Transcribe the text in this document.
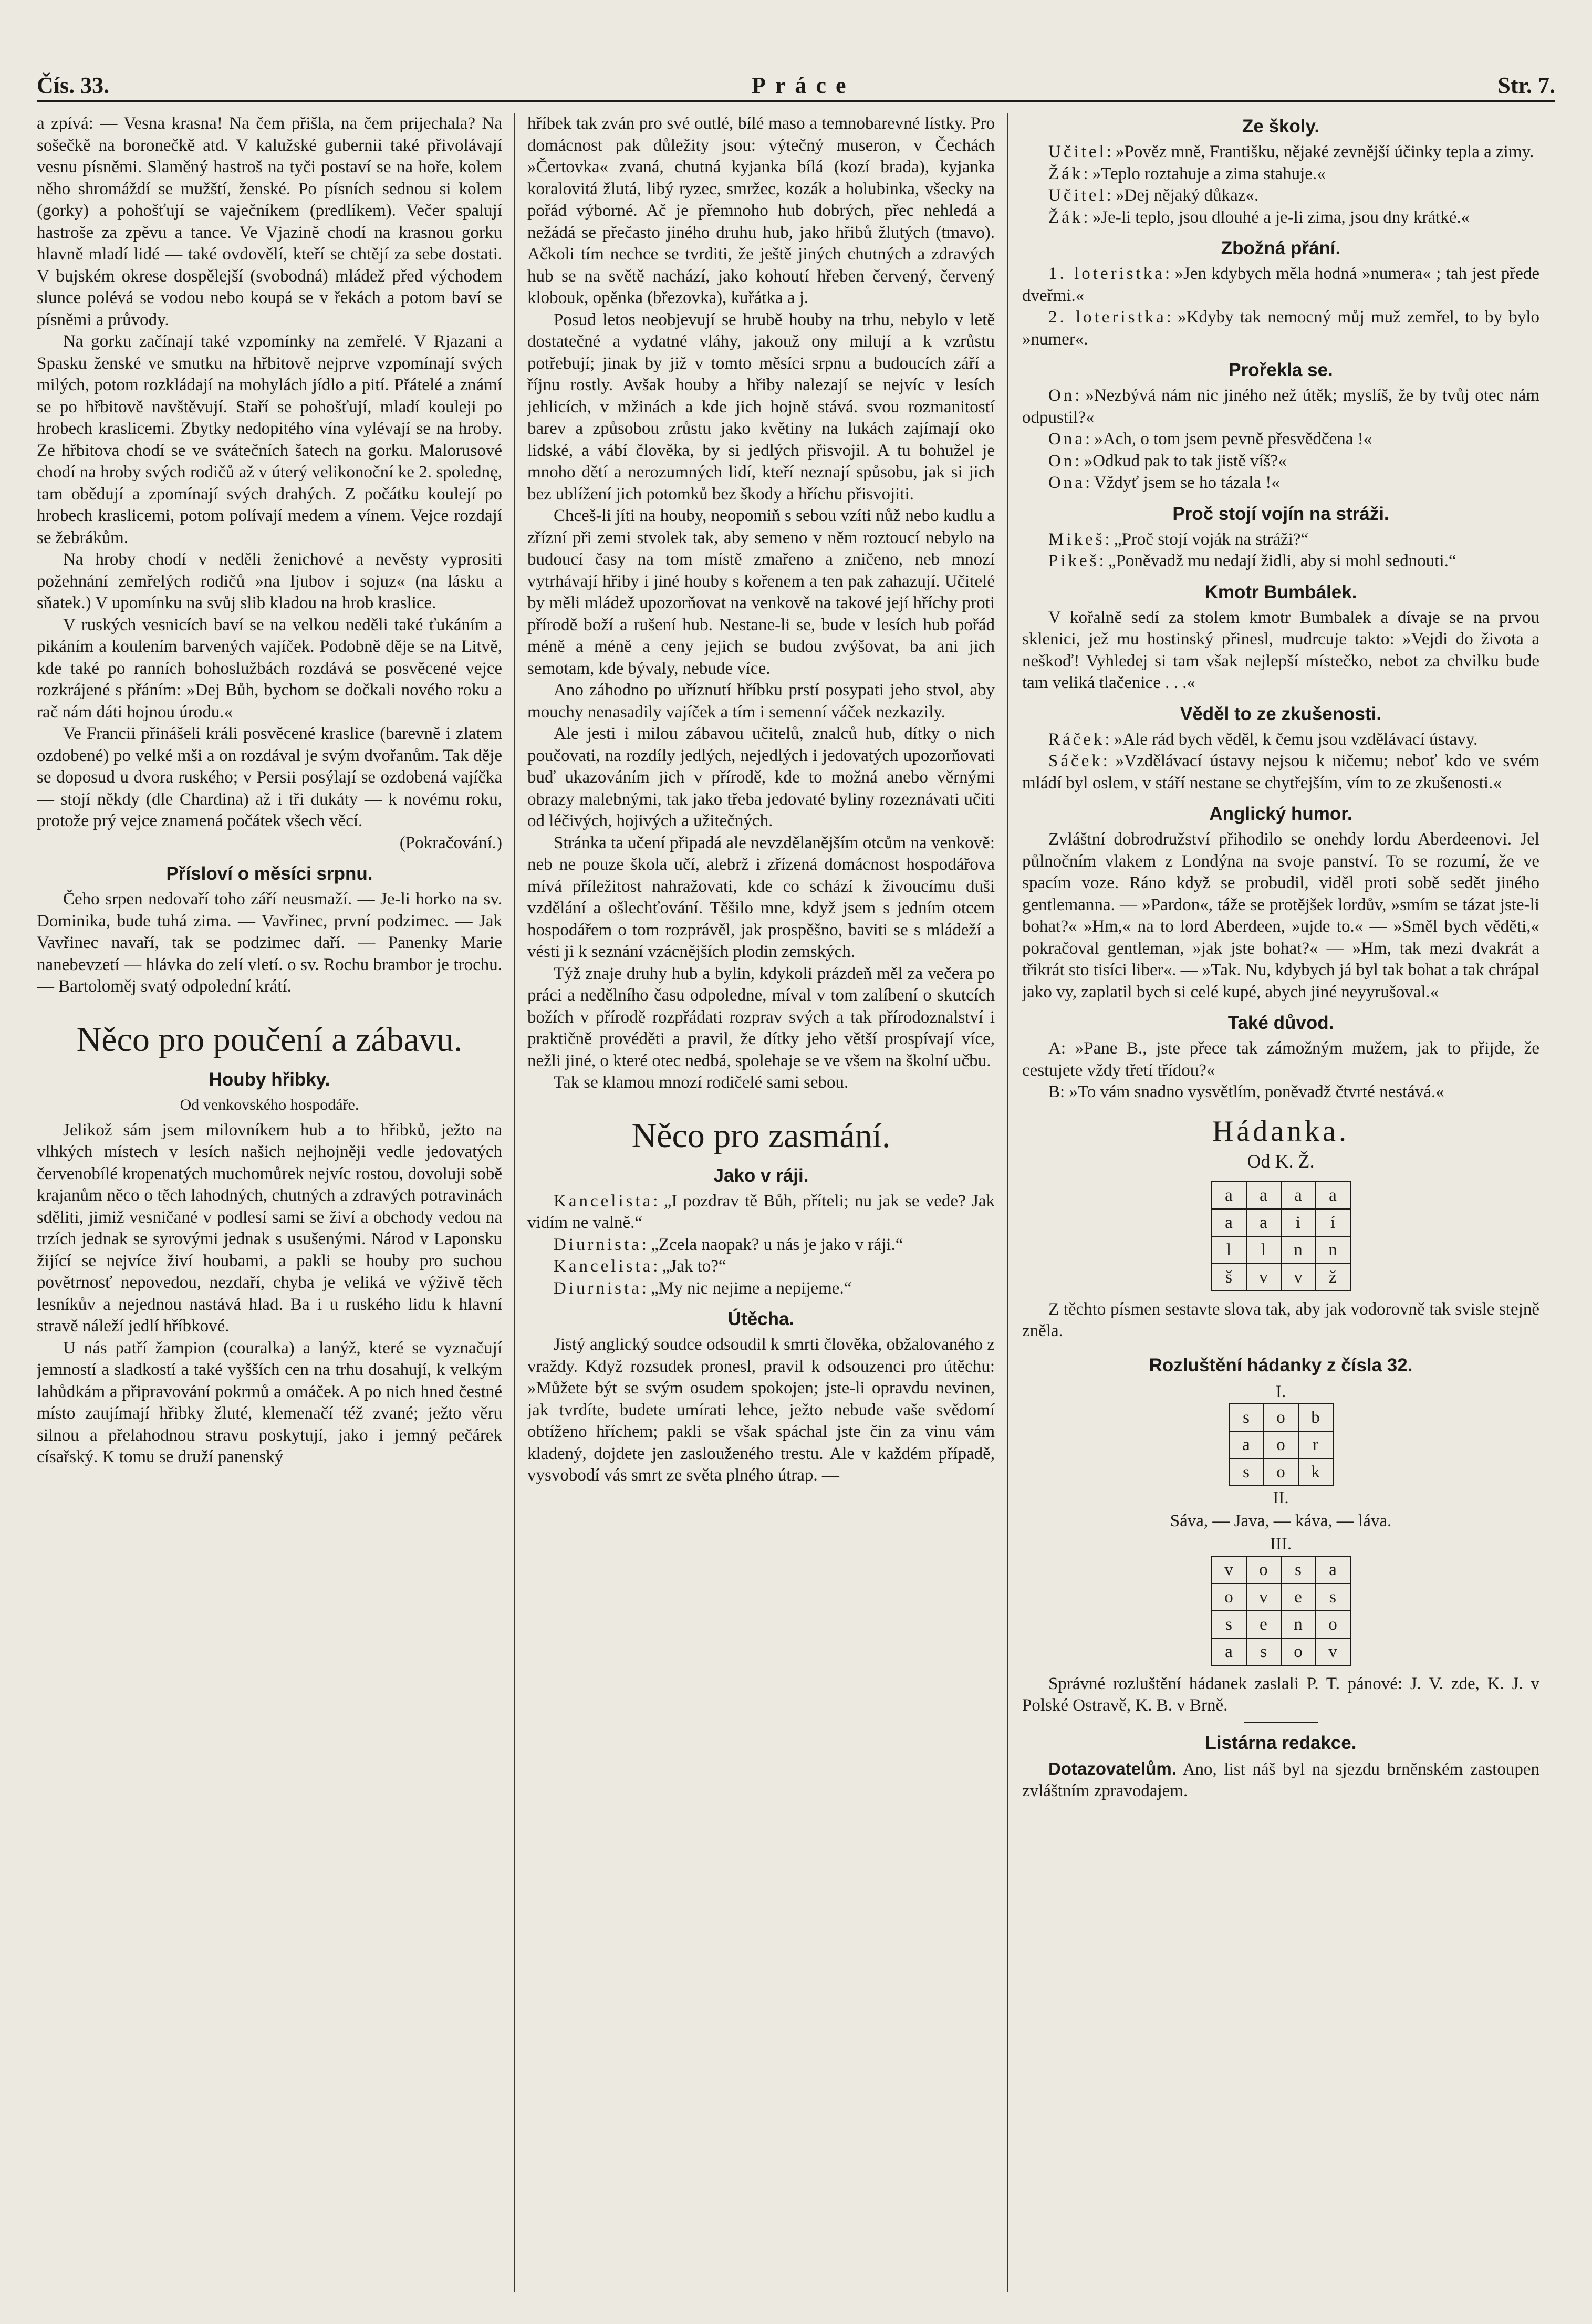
Čís. 33.	Práce	Str. 7.

a zpívá: — Vesna krasna! Na čem přišla, na čem prijechala? Na sošečkě na boronečkě atd. V kalužské gubernii také přivolávají vesnu písněmi. Slaměný hastroš na tyči postaví se na hoře, kolem něho shromáždí se mužští, ženské. Po písních sednou si kolem (gorky) a pohošťují se vaječníkem (predlíkem). Večer spalují hastroše za zpěvu a tance. Ve Vjazině chodí na krasnou gorku hlavně mladí lidé — také ovdovělí, kteří se chtějí za sebe dostati. V bujském okrese dospělejší (svobodná) mládež před východem slunce polévá se vodou nebo koupá se v řekách a potom baví se písněmi a průvody.

Na gorku začínají také vzpomínky na zemřelé. V Rjazani a Spasku ženské ve smutku na hřbitově nejprve vzpomínají svých milých, potom rozkládají na mohylách jídlo a pití. Přátelé a známí se po hřbitově navštěvují. Staří se pohošťují, mladí kouleji po hrobech kraslicemi. Zbytky nedopitého vína vylévají se na hroby. Ze hřbitova chodí se ve svátečních šatech na gorku. Malorusové chodí na hroby svých rodičů až v úterý velikonoční ke 2. spolednę, tam obědují a zpomínají svých drahých. Z počátku koulejí po hrobech kraslicemi, potom polívají medem a vínem. Vejce rozdají se žebrákům.

Na hroby chodí v neděli ženichové a nevěsty vyprositi požehnání zemřelých rodičů »na ljubov i sojuz« (na lásku a sňatek.) V upomínku na svůj slib kladou na hrob kraslice.

V ruských vesnicích baví se na velkou neděli také ťukáním a pikáním a koulením barvených vajíček. Podobně děje se na Litvě, kde také po ranních bohoslužbách rozdává se posvěcené vejce rozkrájené s přáním: »Dej Bůh, bychom se dočkali nového roku a rač nám dáti hojnou úrodu.«

Ve Francii přinášeli králi posvěcené kraslice (barevně i zlatem ozdobené) po velké mši a on rozdával je svým dvořanům. Tak děje se doposud u dvora ruského; v Persii posýlají se ozdobená vajíčka — stojí někdy (dle Chardina) až i tři dukáty — k novému roku, protože prý vejce znamená počátek všech věcí.

(Pokračování.)
Přísloví o měsíci srpnu.

Čeho srpen nedovaří toho září neusmaží. — Je-li horko na sv. Dominika, bude tuhá zima. — Vavřinec, první podzimec. — Jak Vavřinec navaří, tak se podzimec daří. — Panenky Marie nanebevzetí — hlávka do zelí vletí. o sv. Rochu brambor je trochu. — Bartoloměj svatý odpolední krátí.

Něco pro poučení a zábavu.
Houby hřibky.
Od venkovského hospodáře.

Jelikož sám jsem milovníkem hub a to hřibků, ježto na vlhkých místech v lesích našich nejhojněji vedle jedovatých červenobílé kropenatých muchomůrek nejvíc rostou, dovoluji sobě krajanům něco o těch lahodných, chutných a zdravých potravinách sděliti, jimiž vesničané v podlesí sami se živí a obchody vedou na trzích jednak se syrovými jednak s usušenými. Národ v Laponsku žijící se nejvíce živí houbami, a pakli se houby pro suchou povětrnosť nepovedou, nezdaří, chyba je veliká ve výživě těch lesníkův a nejednou nastává hlad. Ba i u ruského lidu k hlavní stravě náleží jedlí hříbkové.

U nás patří žampion (couralka) a lanýž, které se vyznačují jemností a sladkostí a také vyšších cen na trhu dosahují, k velkým lahůdkám a připravování pokrmů a omáček. A po nich hned čestné místo zaujímají hřibky žluté, klemenačí též zvané; ježto věru silnou a přelahodnou stravu poskytují, jako i jemný pečárek císařský. K tomu se druží panenský

hříbek tak zván pro své outlé, bílé maso a temnobarevné lístky. Pro domácnost pak důležity jsou: výtečný museron, v Čechách »Čertovka« zvaná, chutná kyjanka bílá (kozí brada), kyjanka koralovitá žlutá, libý ryzec, smržec, kozák a holubinka, všecky na pořád výborné. Ač je přemnoho hub dobrých, přec nehledá a nežádá se přečasto jiného druhu hub, jako hřibů žlutých (tmavo). Ačkoli tím nechce se tvrditi, že ještě jiných chutných a zdravých hub se na světě nachází, jako kohoutí hřeben červený, červený klobouk, opěnka (březovka), kuřátka a j.

Posud letos neobjevují se hrubě houby na trhu, nebylo v letě dostatečné a vydatné vláhy, jakouž ony milují a k vzrůstu potřebují; jinak by již v tomto měsíci srpnu a budoucích září a říjnu rostly. Avšak houby a hřiby nalezají se nejvíc v lesích jehlicích, v mžinách a kde jich hojně stává. svou rozmanitostí barev a způsobou zrůstu jako květiny na lukách zajímají oko lidské, a vábí člověka, by si jedlých přisvojil. A tu bohužel je mnoho dětí a nerozumných lidí, kteří neznají spůsobu, jak si jich bez ublížení jich potomků bez škody a hříchu přisvojiti.

Chceš-li jíti na houby, neopomiň s sebou vzíti nůž nebo kudlu a zřízní při zemi stvolek tak, aby semeno v něm roztoucí nebylo na budoucí časy na tom místě zmařeno a zničeno, neb mnozí vytrhávají hřiby i jiné houby s kořenem a ten pak zahazují. Učitelé by měli mládež upozorňovat na venkově na takové její hříchy proti přírodě boží a rušení hub. Nestane-li se, bude v lesích hub pořád méně a méně a ceny jejich se budou zvýšovat, ba ani jich semotam, kde bývaly, nebude více.

Ano záhodno po uříznutí hříbku prstí posypati jeho stvol, aby mouchy nenasadily vajíček a tím i semenní váček nezkazily.

Ale jesti i milou zábavou učitelů, znalců hub, dítky o nich poučovati, na rozdíly jedlých, nejedlých i jedovatých upozorňovati buď ukazováním jich v přírodě, kde to možná anebo věrnými obrazy malebnými, tak jako třeba jedovaté byliny rozeznávati učiti od léčivých, hojivých a užitečných.

Stránka ta učení připadá ale nevzdělanějším otcům na venkově: neb ne pouze škola učí, alebrž i zřízená domácnost hospodářova mívá příležitost nahražovati, kde co schází k živoucímu duši vzdělání a ošlechťování. Těšilo mne, když jsem s jedním otcem hospodářem o tom rozprávěl, jak prospěšno, baviti se s mládeží a vésti ji k seznání vzácnějších plodin zemských.

Týž znaje druhy hub a bylin, kdykoli prázdeň měl za večera po práci a nedělního času odpoledne, míval v tom zalíbení o skutcích božích v přírodě rozpřádati rozprav svých a tak přírodoznalství i praktičně provéděti a pravil, že dítky jeho větší prospívají více, nežli jiné, o které otec nedbá, spolehaje se ve všem na školní učbu.

Tak se klamou mnozí rodičelé sami sebou.

Něco pro zasmání.
Jako v ráji.

Kancelista: „I pozdrav tě Bůh, příteli; nu jak se vede? Jak vidím ne valně.“

Diurnista: „Zcela naopak? u nás je jako v ráji.“

Kancelista: „Jak to?“

Diurnista: „My nic nejime a nepijeme.“

Útěcha.

Jistý anglický soudce odsoudil k smrti člověka, obžalovaného z vraždy. Když rozsudek pronesl, pravil k odsouzenci pro útěchu: »Můžete být se svým osudem spokojen; jste-li opravdu nevinen, jak tvrdíte, budete umírati lehce, ježto nebude vaše svědomí obtíženo hříchem; pakli se však spáchal jste čin za vinu vám kladený, dojdete jen zaslouženého trestu. Ale v každém případě, vysvobodí vás smrt ze světa plného útrap. —

Ze školy.

Učitel: »Pověz mně, Františku, nějaké zevnější účinky tepla a zimy.

Žák: »Teplo roztahuje a zima stahuje.«

Učitel: »Dej nějaký důkaz«.

Žák: »Je-li teplo, jsou dlouhé a je-li zima, jsou dny krátké.«

Zbožná přání.

1. loteristka: »Jen kdybych měla hodná »numera« ; tah jest přede dveřmi.«

2. loteristka: »Kdyby tak nemocný můj muž zemřel, to by bylo »numer«.

Prořekla se.

On: »Nezbývá nám nic jiného než útěk; myslíš, že by tvůj otec nám odpustil?«

Ona: »Ach, o tom jsem pevně přesvědčena !«

On: »Odkud pak to tak jistě víš?«

Ona: Vždyť jsem se ho tázala !«

Proč stojí vojín na stráži.

Mikeš: „Proč stojí voják na stráži?“

Pikeš: „Poněvadž mu nedají židli, aby si mohl sednouti.“

Kmotr Bumbálek.

V kořalně sedí za stolem kmotr Bumbalek a dívaje se na prvou sklenici, jež mu hostinský přinesl, mudrcuje takto: »Vejdi do života a neškoď! Vyhledej si tam však nejlepší místečko, nebot za chvilku bude tam veliká tlačenice . . .«

Věděl to ze zkušenosti.

Ráček: »Ale rád bych věděl, k čemu jsou vzdělávací ústavy.

Sáček: »Vzdělávací ústavy nejsou k ničemu; neboť kdo ve svém mládí byl oslem, v stáří nestane se chytřejším, vím to ze zkušenosti.«

Anglický humor.

Zvláštní dobrodružství přihodilo se onehdy lordu Aberdeenovi. Jel půlnočním vlakem z Londýna na svoje panství. To se rozumí, že ve spacím voze. Ráno když se probudil, viděl proti sobě sedět jiného gentlemanna. — »Pardon«, táže se protějšek lordův, »smím se tázat jste-li bohat?« »Hm,« na to lord Aberdeen, »ujde to.« — »Směl bych věděti,« pokračoval gentleman, »jak jste bohat?« — »Hm, tak mezi dvakrát a třikrát sto tisíci liber«. — »Tak. Nu, kdybych já byl tak bohat a tak chrápal jako vy, zaplatil bych si celé kupé, abych jiné neyyrušoval.«

Také důvod.

A: »Pane B., jste přece tak zámožným mužem, jak to přijde, že cestujete vždy třetí třídou?«

B: »To vám snadno vysvětlím, poněvadž čtvrté nestává.«

Hádanka.
Od K. Ž.
a	a	a	a
a	a	i	í
l	l	n	n
š	v	v	ž

Z těchto písmen sestavte slova tak, aby jak vodorovně tak svisle stejně zněla.

Rozluštění hádanky z čísla 32.
I.
s	o	b
a	o	r
s	o	k
II.
Sáva, — Java, — káva, — láva.
III.
v	o	s	a
o	v	e	s
s	e	n	o
a	s	o	v

Správné rozluštění hádanek zaslali P. T. pánové: J. V. zde, K. J. v Polské Ostravě, K. B. v Brně.

Listárna redakce.

Dotazovatelům. Ano, list náš byl na sjezdu brněnském zastoupen zvláštním zpravodajem.
